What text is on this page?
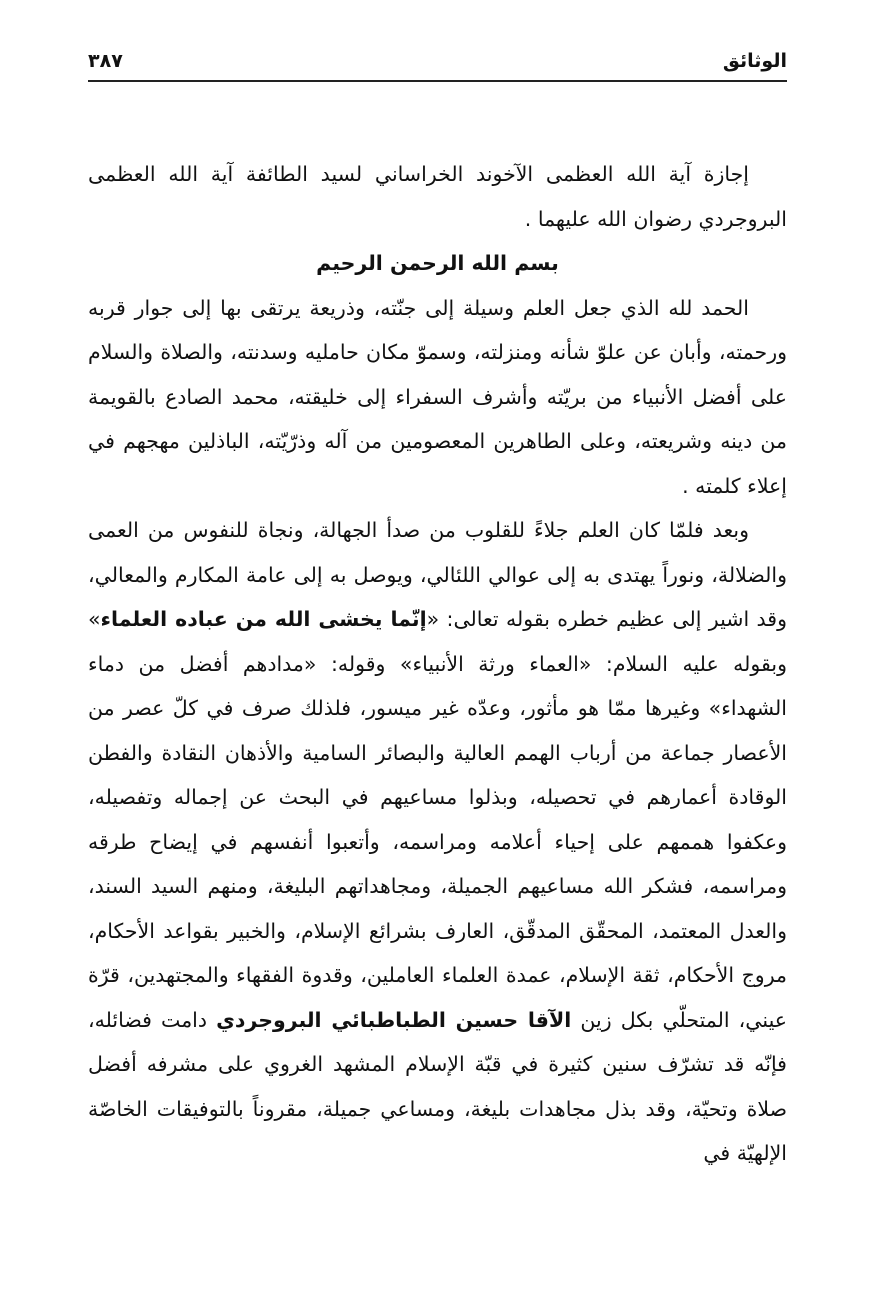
الوثائق
٣٨٧

إجازة آية الله العظمى الآخوند الخراساني لسيد الطائفة آية الله العظمى البروجردي رضوان الله عليهما .

بسم الله الرحمن الرحيم

الحمد لله الذي جعل العلم وسيلة إلى جنّته، وذريعة يرتقى بها إلى جوار قربه ورحمته، وأبان عن علوّ شأنه ومنزلته، وسموّ مكان حامليه وسدنته، والصلاة والسلام على أفضل الأنبياء من بريّته وأشرف السفراء إلى خليقته، محمد الصادع بالقويمة من دينه وشريعته، وعلى الطاهرين المعصومين من آله وذرّيّته، الباذلين مهجهم في إعلاء كلمته .

وبعد فلمّا كان العلم جلاءً للقلوب من صدأ الجهالة، ونجاة للنفوس من العمى والضلالة، ونوراً يهتدى به إلى عوالي اللئالي، ويوصل به إلى عامة المكارم والمعالي، وقد اشير إلى عظيم خطره بقوله تعالى: «إنّما يخشى الله من عباده العلماء» وبقوله عليه السلام: «العماء ورثة الأنبياء» وقوله: «مدادهم أفضل من دماء الشهداء» وغيرها ممّا هو مأثور، وعدّه غير ميسور، فلذلك صرف في كلّ عصر من الأعصار جماعة من أرباب الهمم العالية والبصائر السامية والأذهان النقادة والفطن الوقادة أعمارهم في تحصيله، وبذلوا مساعيهم في البحث عن إجماله وتفصيله، وعكفوا هممهم على إحياء أعلامه ومراسمه، وأتعبوا أنفسهم في إيضاح طرقه ومراسمه، فشكر الله مساعيهم الجميلة، ومجاهداتهم البليغة، ومنهم السيد السند، والعدل المعتمد، المحقّق المدقّق، العارف بشرائع الإسلام، والخبير بقواعد الأحكام، مروج الأحكام، ثقة الإسلام، عمدة العلماء العاملين، وقدوة الفقهاء والمجتهدين، قرّة عيني، المتحلّي بكل زين الآقا حسين الطباطبائي البروجردي دامت فضائله، فإنّه قد تشرّف سنين كثيرة في قبّة الإسلام المشهد الغروي على مشرفه أفضل صلاة وتحيّة، وقد بذل مجاهدات بليغة، ومساعي جميلة، مقروناً بالتوفيقات الخاصّة الإلهيّة في
